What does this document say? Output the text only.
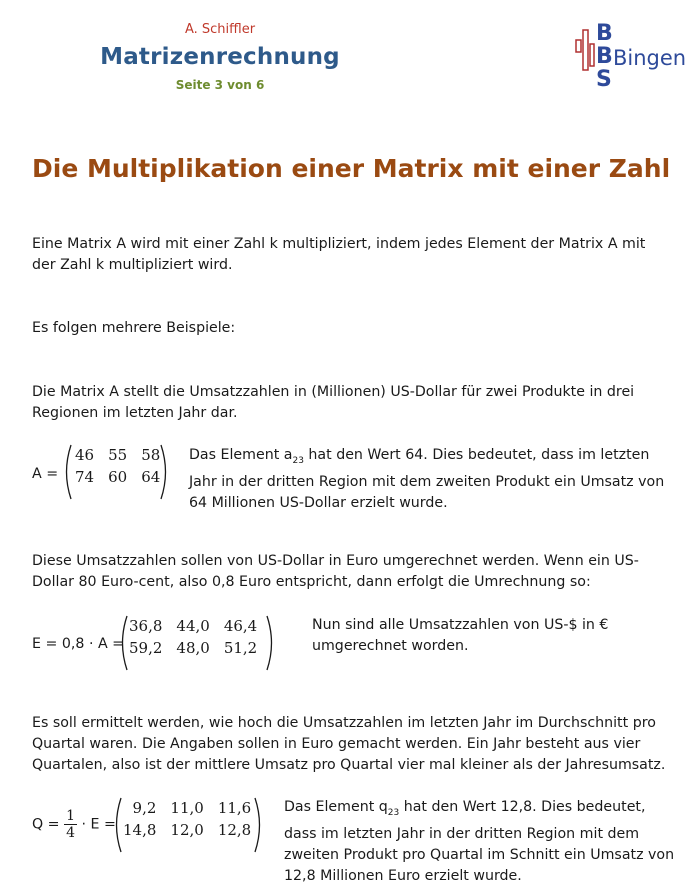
A. Schiffler
Matrizenrechnung
Seite 3 von 6
B
B
S
Bingen
Die Multiplikation einer Matrix mit einer Zahl
Eine Matrix A wird mit einer Zahl k multipliziert, indem jedes Element der Matrix A mit der Zahl k multipliziert wird.
Es folgen mehrere Beispiele:
Die Matrix A stellt die Umsatzzahlen in (Millionen) US-Dollar für zwei Produkte in drei Regionen im letzten Jahr dar.
A =
46	55	58
74	60	64
Das Element $a_{23}$ hat den Wert 64. Dies bedeutet, dass im letzten Jahr in der dritten Region mit dem zweiten Produkt ein Umsatz von 64 Millionen US-Dollar erzielt wurde.
Diese Umsatzzahlen sollen von US-Dollar in Euro umgerechnet werden. Wenn ein US-Dollar 80 Euro-cent, also 0,8 Euro entspricht, dann erfolgt die Umrechnung so:
E = 0,8 · A =
36,8	44,0	46,4
59,2	48,0	51,2
Nun sind alle Umsatzzahlen von US-$ in € umgerechnet worden.
Es soll ermittelt werden, wie hoch die Umsatzzahlen im letzten Jahr im Durchschnitt pro Quartal waren. Die Angaben sollen in Euro gemacht werden. Ein Jahr besteht aus vier Quartalen, also ist der mittlere Umsatz pro Quartal vier mal kleiner als der Jahresumsatz.
$Q = \frac{1}{4} \cdot E$ =
9,2	11,0	11,6
14,8	12,0	12,8
Das Element $q_{23}$ hat den Wert 12,8. Dies bedeutet, dass im letzten Jahr in der dritten Region mit dem zweiten Produkt pro Quartal im Schnitt ein Umsatz von 12,8 Millionen Euro erzielt wurde.
